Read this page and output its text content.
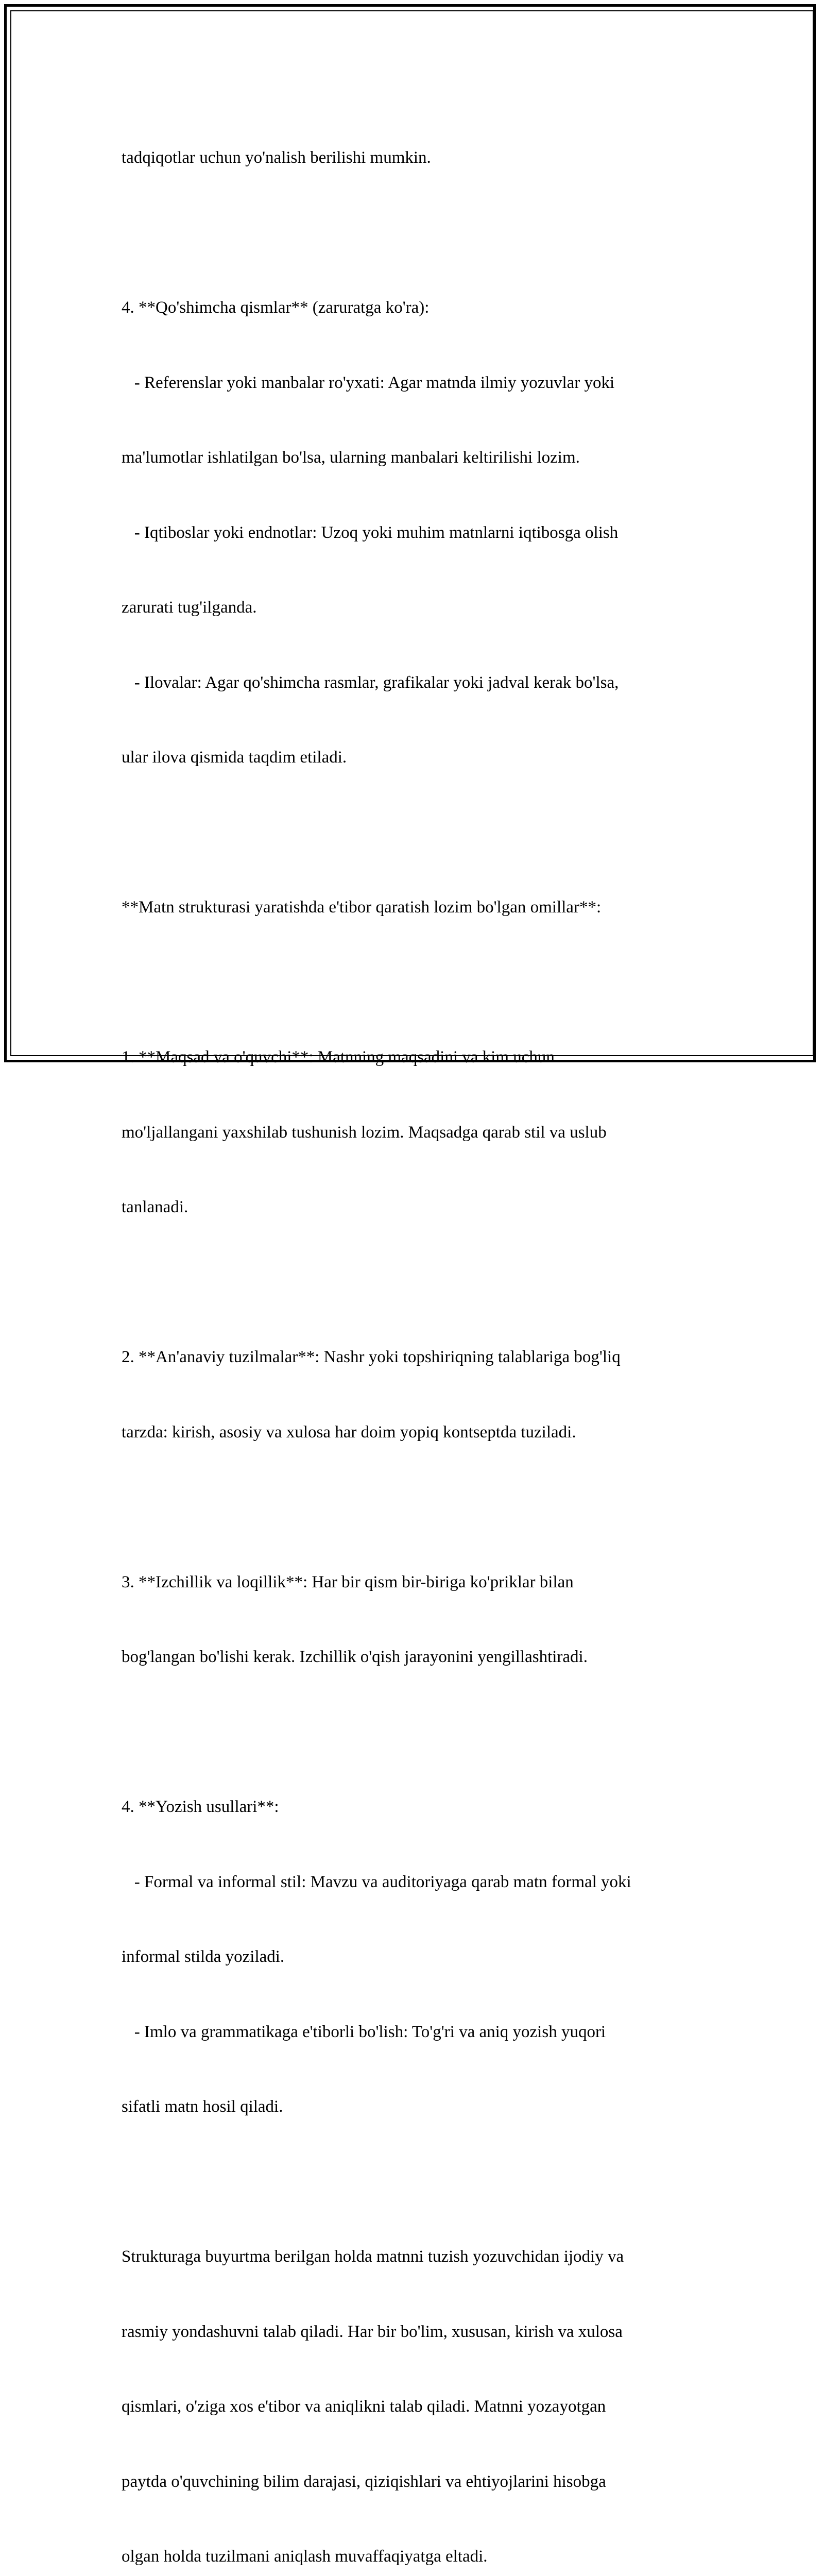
tadqiqotlar uchun yo'nalish berilishi mumkin.

4. **Qo'shimcha qismlar** (zaruratga ko'ra):

- Referenslar yoki manbalar ro'yxati: Agar matnda ilmiy yozuvlar yoki

ma'lumotlar ishlatilgan bo'lsa, ularning manbalari keltirilishi lozim.

- Iqtiboslar yoki endnotlar: Uzoq yoki muhim matnlarni iqtibosga olish

zarurati tug'ilganda.

- Ilovalar: Agar qo'shimcha rasmlar, grafikalar yoki jadval kerak bo'lsa,

ular ilova qismida taqdim etiladi.

**Matn strukturasi yaratishda e'tibor qaratish lozim bo'lgan omillar**:

1. **Maqsad va o'quvchi**: Matnning maqsadini va kim uchun

mo'ljallangani yaxshilab tushunish lozim. Maqsadga qarab stil va uslub

tanlanadi.

2. **An'anaviy tuzilmalar**: Nashr yoki topshiriqning talablariga bog'liq

tarzda: kirish, asosiy va xulosa har doim yopiq kontseptda tuziladi.

3. **Izchillik va loqillik**: Har bir qism bir-biriga ko'priklar bilan

bog'langan bo'lishi kerak. Izchillik o'qish jarayonini yengillashtiradi.

4. **Yozish usullari**:

- Formal va informal stil: Mavzu va auditoriyaga qarab matn formal yoki

informal stilda yoziladi.

- Imlo va grammatikaga e'tiborli bo'lish: To'g'ri va aniq yozish yuqori

sifatli matn hosil qiladi.

Strukturaga buyurtma berilgan holda matnni tuzish yozuvchidan ijodiy va

rasmiy yondashuvni talab qiladi. Har bir bo'lim, xususan, kirish va xulosa

qismlari, o'ziga xos e'tibor va aniqlikni talab qiladi. Matnni yozayotgan

paytda o'quvchining bilim darajasi, qiziqishlari va ehtiyojlarini hisobga

olgan holda tuzilmani aniqlash muvaffaqiyatga eltadi.
